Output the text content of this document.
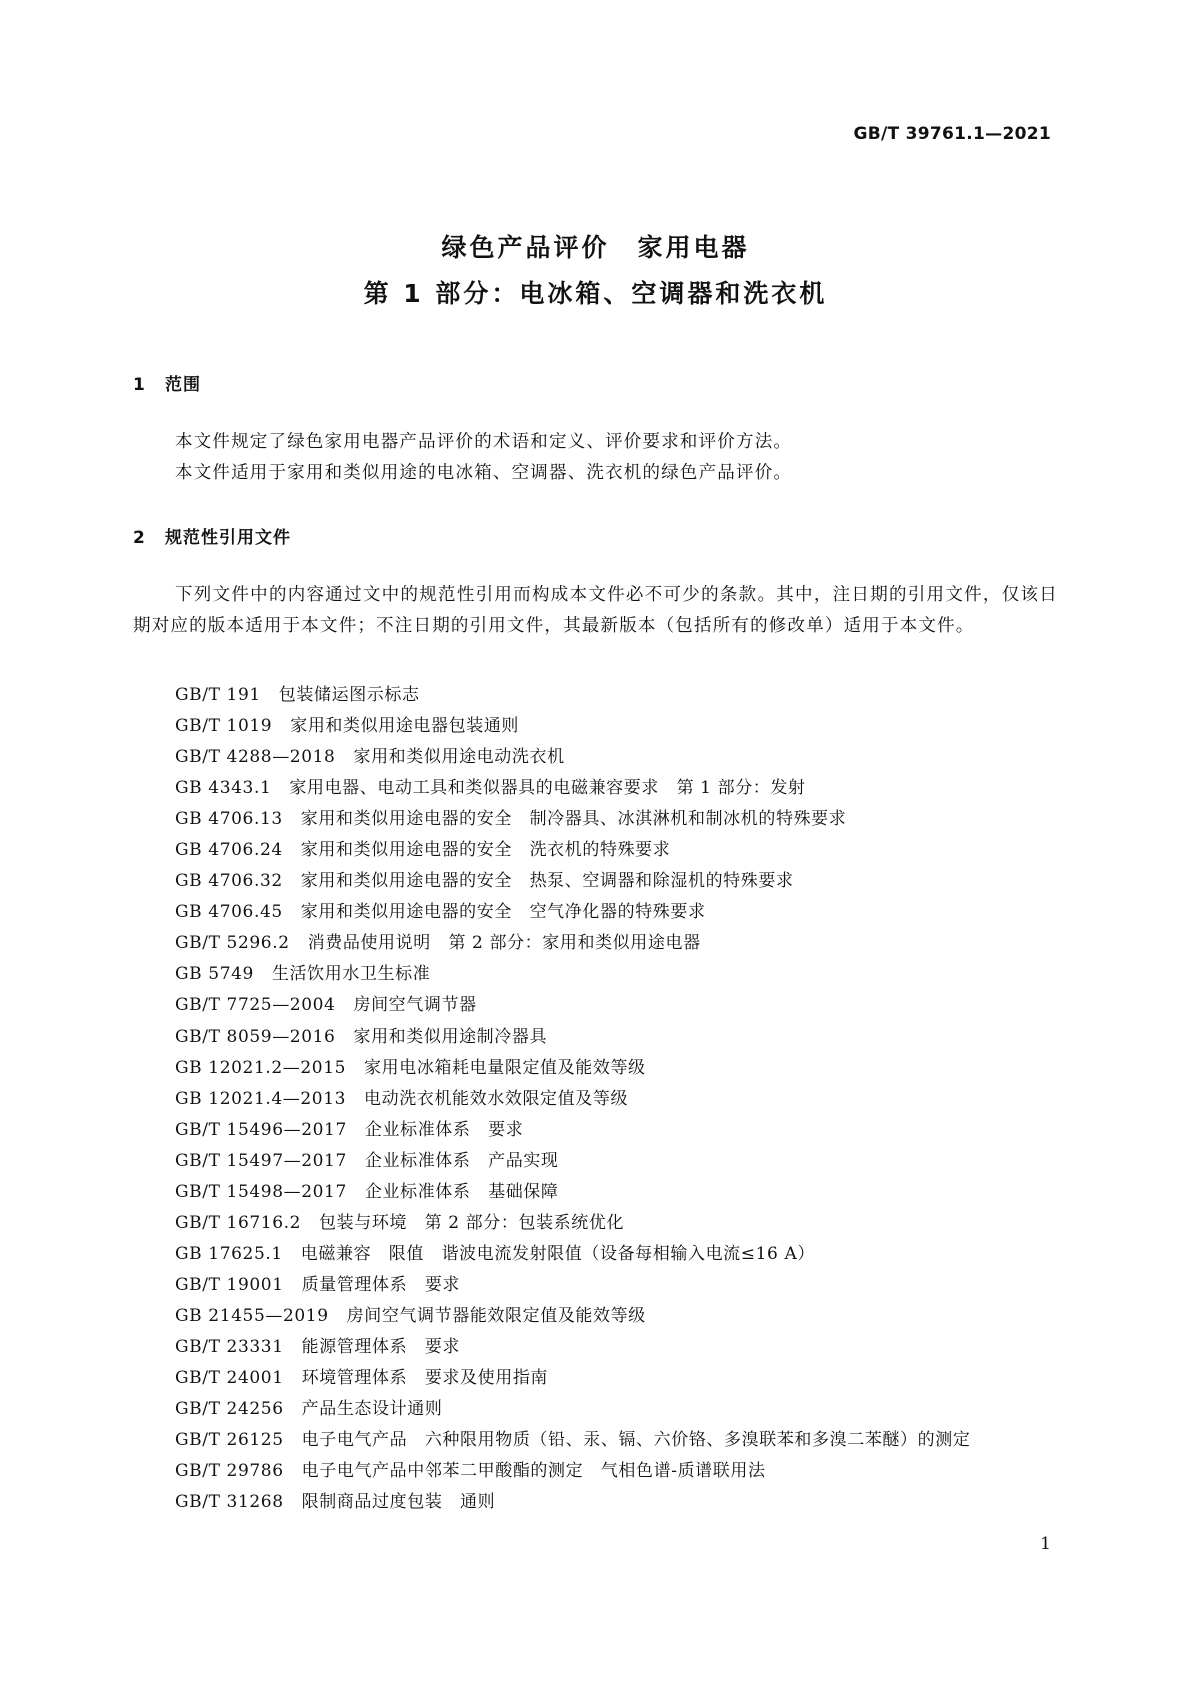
GB/T 39761.1—2021
绿色产品评价　家用电器
第 1 部分：电冰箱、空调器和洗衣机
1 范围
本文件规定了绿色家用电器产品评价的术语和定义、评价要求和评价方法。
本文件适用于家用和类似用途的电冰箱、空调器、洗衣机的绿色产品评价。
2 规范性引用文件
下列文件中的内容通过文中的规范性引用而构成本文件必不可少的条款。其中，注日期的引用文件，仅该日期对应的版本适用于本文件；不注日期的引用文件，其最新版本（包括所有的修改单）适用于本文件。
GB/T 191 包装储运图示标志
GB/T 1019 家用和类似用途电器包装通则
GB/T 4288—2018 家用和类似用途电动洗衣机
GB 4343.1 家用电器、电动工具和类似器具的电磁兼容要求　第 1 部分：发射
GB 4706.13 家用和类似用途电器的安全　制冷器具、冰淇淋机和制冰机的特殊要求
GB 4706.24 家用和类似用途电器的安全　洗衣机的特殊要求
GB 4706.32 家用和类似用途电器的安全　热泵、空调器和除湿机的特殊要求
GB 4706.45 家用和类似用途电器的安全　空气净化器的特殊要求
GB/T 5296.2 消费品使用说明　第 2 部分：家用和类似用途电器
GB 5749 生活饮用水卫生标准
GB/T 7725—2004 房间空气调节器
GB/T 8059—2016 家用和类似用途制冷器具
GB 12021.2—2015 家用电冰箱耗电量限定值及能效等级
GB 12021.4—2013 电动洗衣机能效水效限定值及等级
GB/T 15496—2017 企业标准体系　要求
GB/T 15497—2017 企业标准体系　产品实现
GB/T 15498—2017 企业标准体系　基础保障
GB/T 16716.2 包装与环境　第 2 部分：包装系统优化
GB 17625.1 电磁兼容　限值　谐波电流发射限值（设备每相输入电流≤16 A）
GB/T 19001 质量管理体系　要求
GB 21455—2019 房间空气调节器能效限定值及能效等级
GB/T 23331 能源管理体系　要求
GB/T 24001 环境管理体系　要求及使用指南
GB/T 24256 产品生态设计通则
GB/T 26125 电子电气产品　六种限用物质（铅、汞、镉、六价铬、多溴联苯和多溴二苯醚）的测定
GB/T 29786 电子电气产品中邻苯二甲酸酯的测定　气相色谱-质谱联用法
GB/T 31268 限制商品过度包装　通则
1
